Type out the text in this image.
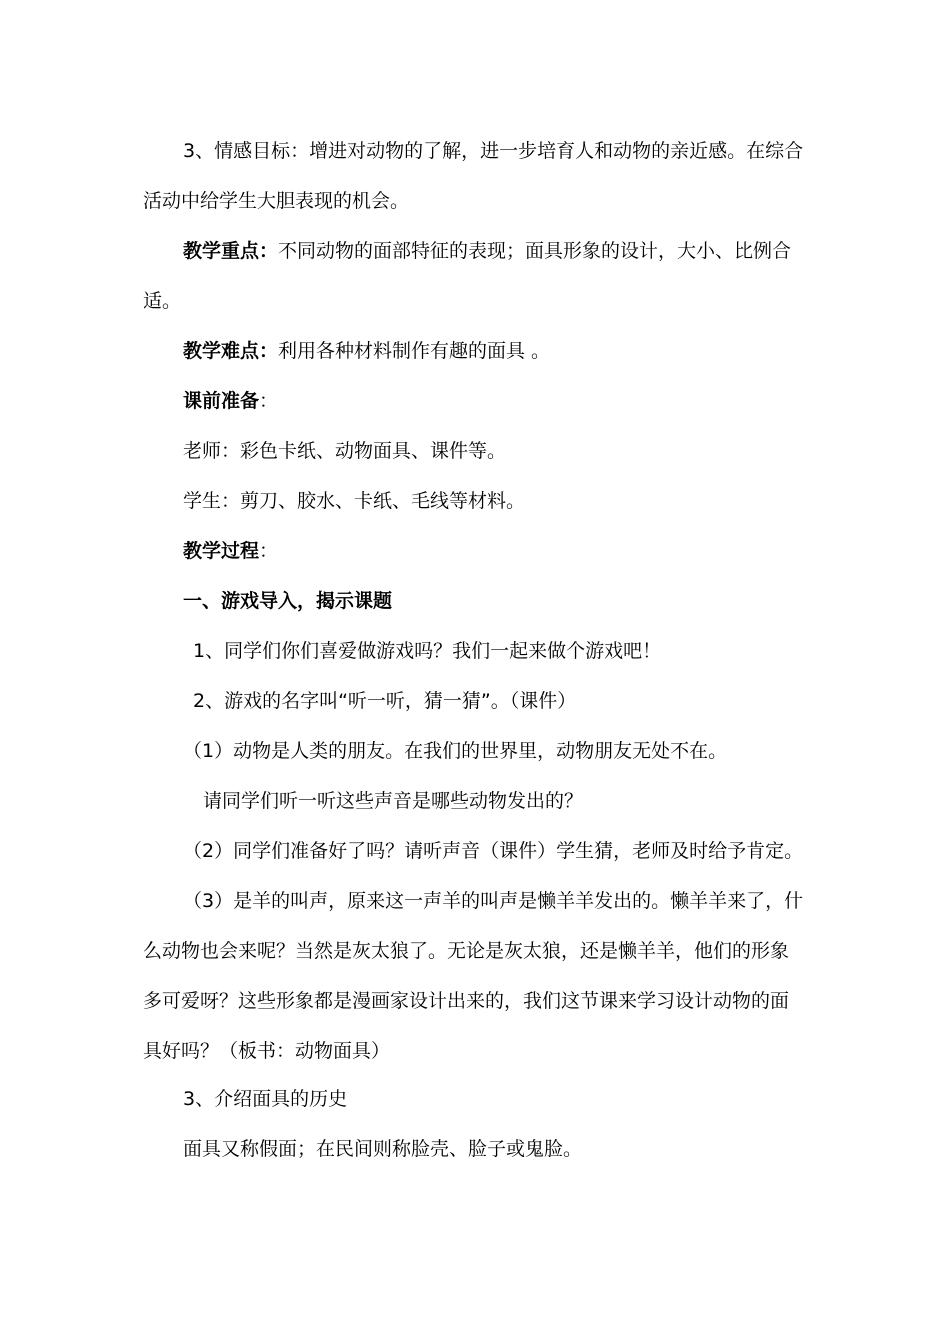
3、情感目标：增进对动物的了解，进一步培育人和动物的亲近感。在综合
活动中给学生大胆表现的机会。
教学重点：不同动物的面部特征的表现；面具形象的设计，大小、比例合
适。
教学难点：利用各种材料制作有趣的面具 。
课前准备：
老师：彩色卡纸、动物面具、课件等。
学生：剪刀、胶水、卡纸、毛线等材料。
教学过程：
一、游戏导入，揭示课题
1、同学们你们喜爱做游戏吗？我们一起来做个游戏吧！
2、游戏的名字叫“听一听，猜一猜”。（课件）
（1）动物是人类的朋友。在我们的世界里，动物朋友无处不在。
请同学们听一听这些声音是哪些动物发出的？
（2）同学们准备好了吗？请听声音（课件）学生猜，老师及时给予肯定。
（3）是羊的叫声，原来这一声羊的叫声是懒羊羊发出的。懒羊羊来了，什
么动物也会来呢？当然是灰太狼了。无论是灰太狼，还是懒羊羊，他们的形象
多可爱呀？这些形象都是漫画家设计出来的，我们这节课来学习设计动物的面
具好吗？（板书：动物面具）
3、介绍面具的历史
面具又称假面；在民间则称脸壳、脸子或鬼脸。
